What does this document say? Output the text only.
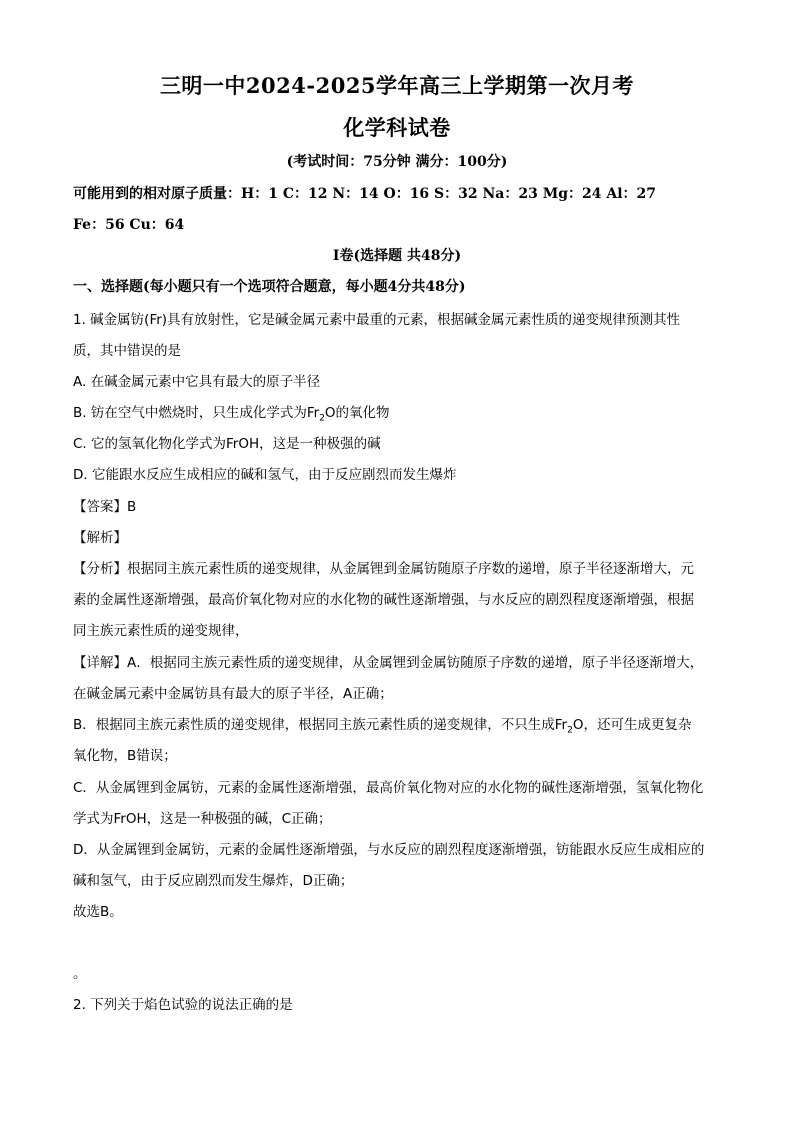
三明一中2024-2025学年高三上学期第一次月考
化学科试卷
(考试时间：75分钟 满分：100分)
可能用到的相对原子质量：H：1 C：12 N：14 O：16 S：32 Na：23 Mg：24 Al：27
Fe：56 Cu：64
Ⅰ卷(选择题 共48分)
一、选择题(每小题只有一个选项符合题意，每小题4分共48分)
1. 碱金属钫(Fr)具有放射性，它是碱金属元素中最重的元素，根据碱金属元素性质的递变规律预测其性
质，其中错误的是
A. 在碱金属元素中它具有最大的原子半径
B. 钫在空气中燃烧时，只生成化学式为$Fr_2O$的氧化物
C. 它的氢氧化物化学式为FrOH，这是一种极强的碱
D. 它能跟水反应生成相应的碱和氢气，由于反应剧烈而发生爆炸
【答案】B
【解析】
【分析】根据同主族元素性质的递变规律，从金属锂到金属钫随原子序数的递增，原子半径逐渐增大，元
素的金属性逐渐增强，最高价氧化物对应的水化物的碱性逐渐增强，与水反应的剧烈程度逐渐增强，根据
同主族元素性质的递变规律，
【详解】A．根据同主族元素性质的递变规律，从金属锂到金属钫随原子序数的递增，原子半径逐渐增大，
在碱金属元素中金属钫具有最大的原子半径，A正确；
B．根据同主族元素性质的递变规律，根据同主族元素性质的递变规律，不只生成$Fr_2O$，还可生成更复杂
氧化物，B错误；
C．从金属锂到金属钫，元素的金属性逐渐增强，最高价氧化物对应的水化物的碱性逐渐增强，氢氧化物化
学式为FrOH，这是一种极强的碱，C正确；
D．从金属锂到金属钫，元素的金属性逐渐增强，与水反应的剧烈程度逐渐增强，钫能跟水反应生成相应的
碱和氢气，由于反应剧烈而发生爆炸，D正确；
故选B。
。
2. 下列关于焰色试验的说法正确的是
